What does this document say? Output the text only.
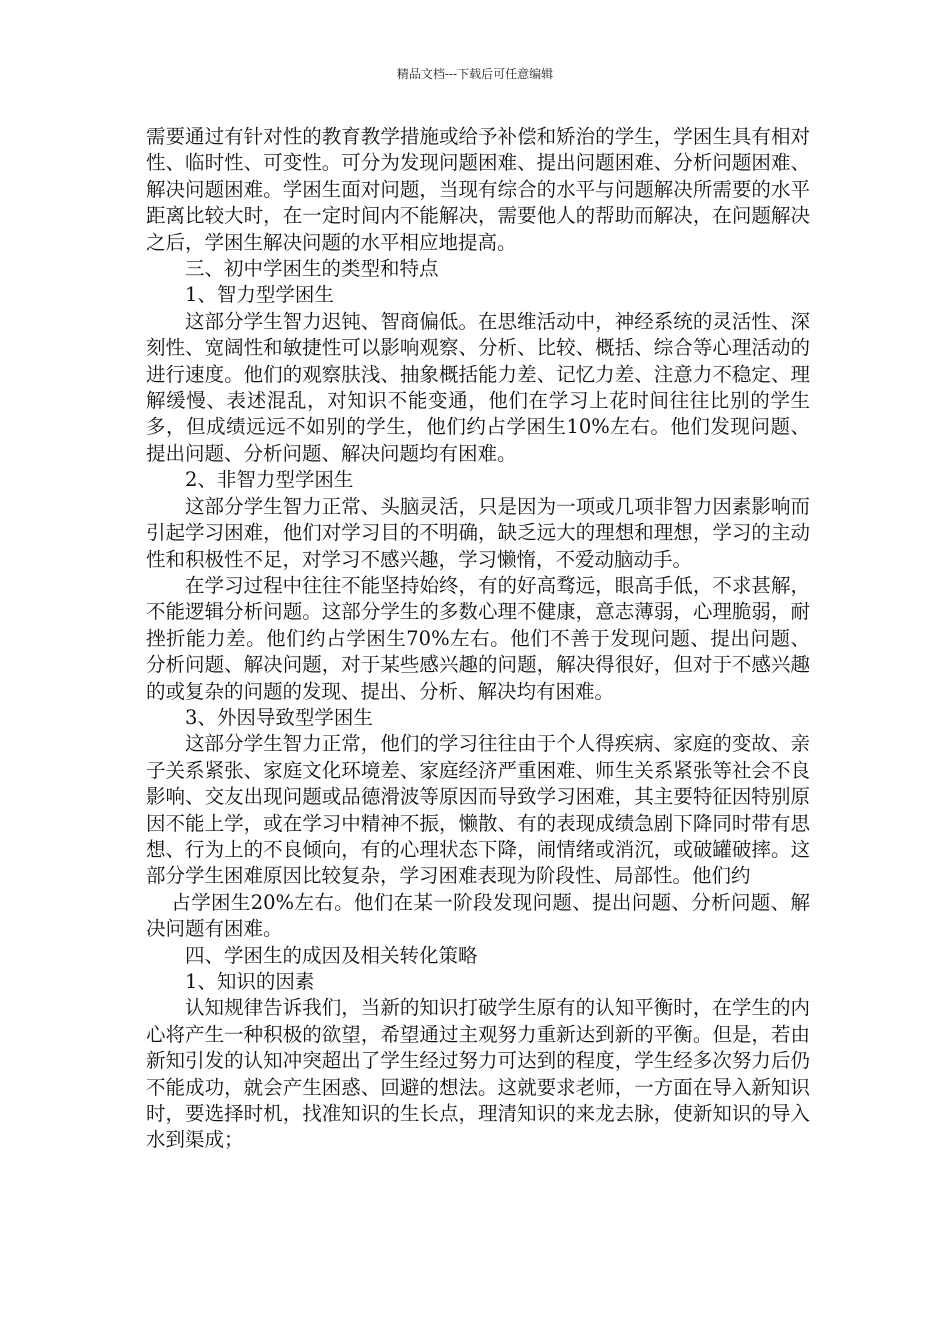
精品文档---下载后可任意编辑

需要通过有针对性的教育教学措施或给予补偿和矫治的学生，学困生具有相对性、临时性、可变性。可分为发现问题困难、提出问题困难、分析问题困难、解决问题困难。学困生面对问题，当现有综合的水平与问题解决所需要的水平距离比较大时，在一定时间内不能解决，需要他人的帮助而解决，在问题解决之后，学困生解决问题的水平相应地提高。

三、初中学困生的类型和特点

1、智力型学困生

这部分学生智力迟钝、智商偏低。在思维活动中，神经系统的灵活性、深刻性、宽阔性和敏捷性可以影响观察、分析、比较、概括、综合等心理活动的进行速度。他们的观察肤浅、抽象概括能力差、记忆力差、注意力不稳定、理解缓慢、表述混乱，对知识不能变通，他们在学习上花时间往往比别的学生多，但成绩远远不如别的学生，他们约占学困生10%左右。他们发现问题、提出问题、分析问题、解决问题均有困难。

2、非智力型学困生

这部分学生智力正常、头脑灵活，只是因为一项或几项非智力因素影响而引起学习困难，他们对学习目的不明确，缺乏远大的理想和理想，学习的主动性和积极性不足，对学习不感兴趣，学习懒惰，不爱动脑动手。

在学习过程中往往不能坚持始终，有的好高骛远，眼高手低，不求甚解，不能逻辑分析问题。这部分学生的多数心理不健康，意志薄弱，心理脆弱，耐挫折能力差。他们约占学困生70%左右。他们不善于发现问题、提出问题、分析问题、解决问题，对于某些感兴趣的问题，解决得很好，但对于不感兴趣的或复杂的问题的发现、提出、分析、解决均有困难。

3、外因导致型学困生

这部分学生智力正常，他们的学习往往由于个人得疾病、家庭的变故、亲子关系紧张、家庭文化环境差、家庭经济严重困难、师生关系紧张等社会不良影响、交友出现问题或品德滑波等原因而导致学习困难，其主要特征因特别原因不能上学，或在学习中精神不振，懒散、有的表现成绩急剧下降同时带有思想、行为上的不良倾向，有的心理状态下降，闹情绪或消沉，或破罐破摔。这部分学生困难原因比较复杂，学习困难表现为阶段性、局部性。他们约

占学困生20%左右。他们在某一阶段发现问题、提出问题、分析问题、解决问题有困难。

四、学困生的成因及相关转化策略

1、知识的因素

认知规律告诉我们，当新的知识打破学生原有的认知平衡时，在学生的内心将产生一种积极的欲望，希望通过主观努力重新达到新的平衡。但是，若由新知引发的认知冲突超出了学生经过努力可达到的程度，学生经多次努力后仍不能成功，就会产生困惑、回避的想法。这就要求老师，一方面在导入新知识时，要选择时机，找准知识的生长点，理清知识的来龙去脉，使新知识的导入水到渠成；
